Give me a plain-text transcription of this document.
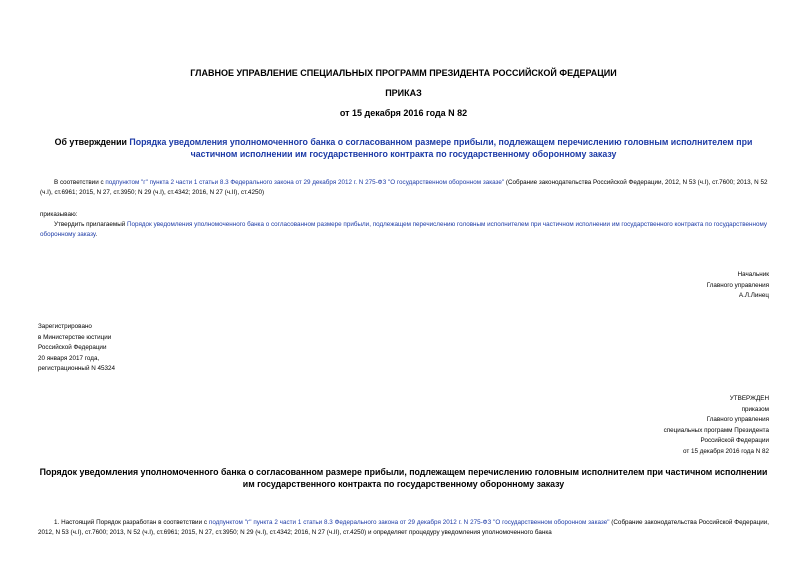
ГЛАВНОЕ УПРАВЛЕНИЕ СПЕЦИАЛЬНЫХ ПРОГРАММ ПРЕЗИДЕНТА РОССИЙСКОЙ ФЕДЕРАЦИИ
ПРИКАЗ
от 15 декабря 2016 года N 82
Об утверждении Порядка уведомления уполномоченного банка о согласованном размере прибыли, подлежащем перечислению головным исполнителем при частичном исполнении им государственного контракта по государственному оборонному заказу
В соответствии с подпунктом "г" пункта 2 части 1 статьи 8.3 Федерального закона от 29 декабря 2012 г. N 275-ФЗ "О государственном оборонном заказе" (Собрание законодательства Российской Федерации, 2012, N 53 (ч.I), ст.7600; 2013, N 52 (ч.I), ст.6961; 2015, N 27, ст.3950; N 29 (ч.I), ст.4342; 2016, N 27 (ч.II), ст.4250)
приказываю:
Утвердить прилагаемый Порядок уведомления уполномоченного банка о согласованном размере прибыли, подлежащем перечислению головным исполнителем при частичном исполнении им государственного контракта по государственному оборонному заказу.
Начальник
Главного управления
А.Л.Линец
Зарегистрировано
в Министерстве юстиции
Российской Федерации
20 января 2017 года,
регистрационный N 45324
УТВЕРЖДЕН
приказом
Главного управления
специальных программ Президента
Российской Федерации
от 15 декабря 2016 года N 82
Порядок уведомления уполномоченного банка о согласованном размере прибыли, подлежащем перечислению головным исполнителем при частичном исполнении им государственного контракта по государственному оборонному заказу
1. Настоящий Порядок разработан в соответствии с подпунктом "г" пункта 2 части 1 статьи 8.3 Федерального закона от 29 декабря 2012 г. N 275-ФЗ "О государственном оборонном заказе" (Собрание законодательства Российской Федерации, 2012, N 53 (ч.I), ст.7600; 2013, N 52 (ч.I), ст.6961; 2015, N 27, ст.3950; N 29 (ч.I), ст.4342; 2016, N 27 (ч.II), ст.4250) и определяет процедуру уведомления уполномоченного банка
